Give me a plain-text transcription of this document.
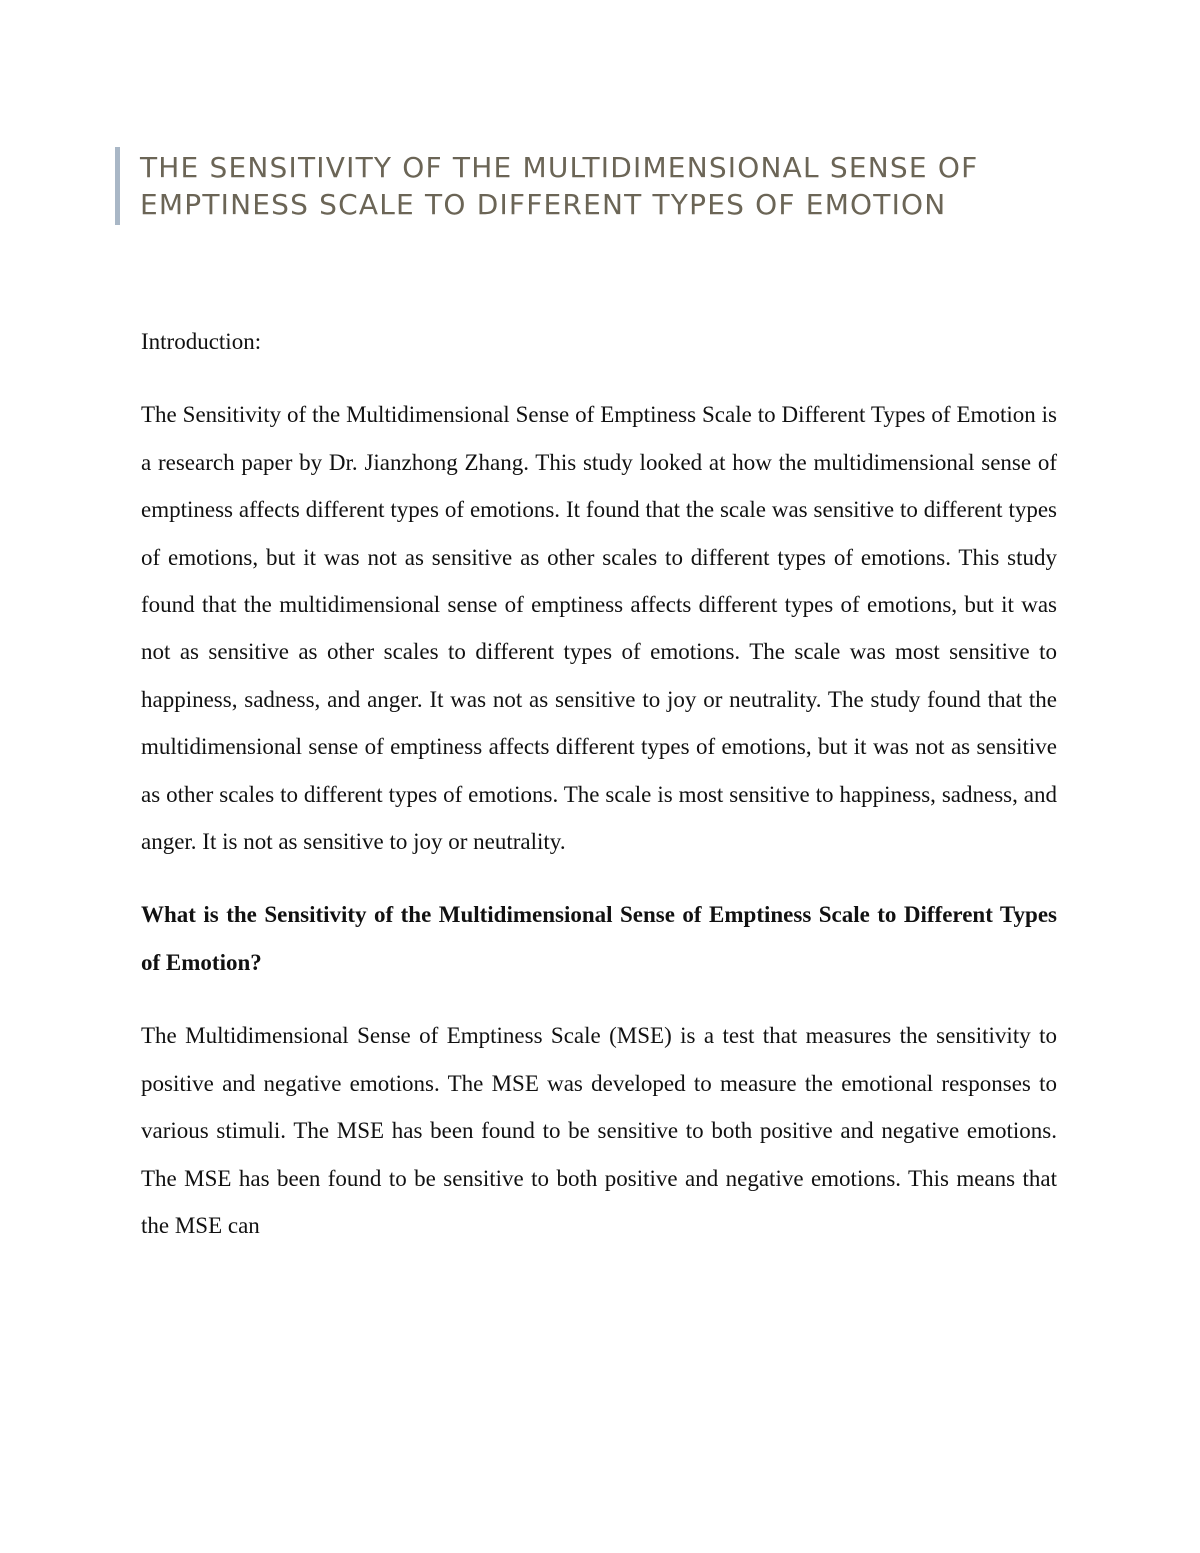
THE SENSITIVITY OF THE MULTIDIMENSIONAL SENSE OF EMPTINESS SCALE TO DIFFERENT TYPES OF EMOTION

Introduction:

The Sensitivity of the Multidimensional Sense of Emptiness Scale to Different Types of Emotion is a research paper by Dr. Jianzhong Zhang. This study looked at how the multidimensional sense of emptiness affects different types of emotions. It found that the scale was sensitive to different types of emotions, but it was not as sensitive as other scales to different types of emotions. This study found that the multidimensional sense of emptiness affects different types of emotions, but it was not as sensitive as other scales to different types of emotions. The scale was most sensitive to happiness, sadness, and anger. It was not as sensitive to joy or neutrality. The study found that the multidimensional sense of emptiness affects different types of emotions, but it was not as sensitive as other scales to different types of emotions. The scale is most sensitive to happiness, sadness, and anger. It is not as sensitive to joy or neutrality.

What is the Sensitivity of the Multidimensional Sense of Emptiness Scale to Different Types of Emotion?

The Multidimensional Sense of Emptiness Scale (MSE) is a test that measures the sensitivity to positive and negative emotions. The MSE was developed to measure the emotional responses to various stimuli. The MSE has been found to be sensitive to both positive and negative emotions. The MSE has been found to be sensitive to both positive and negative emotions. This means that the MSE can
